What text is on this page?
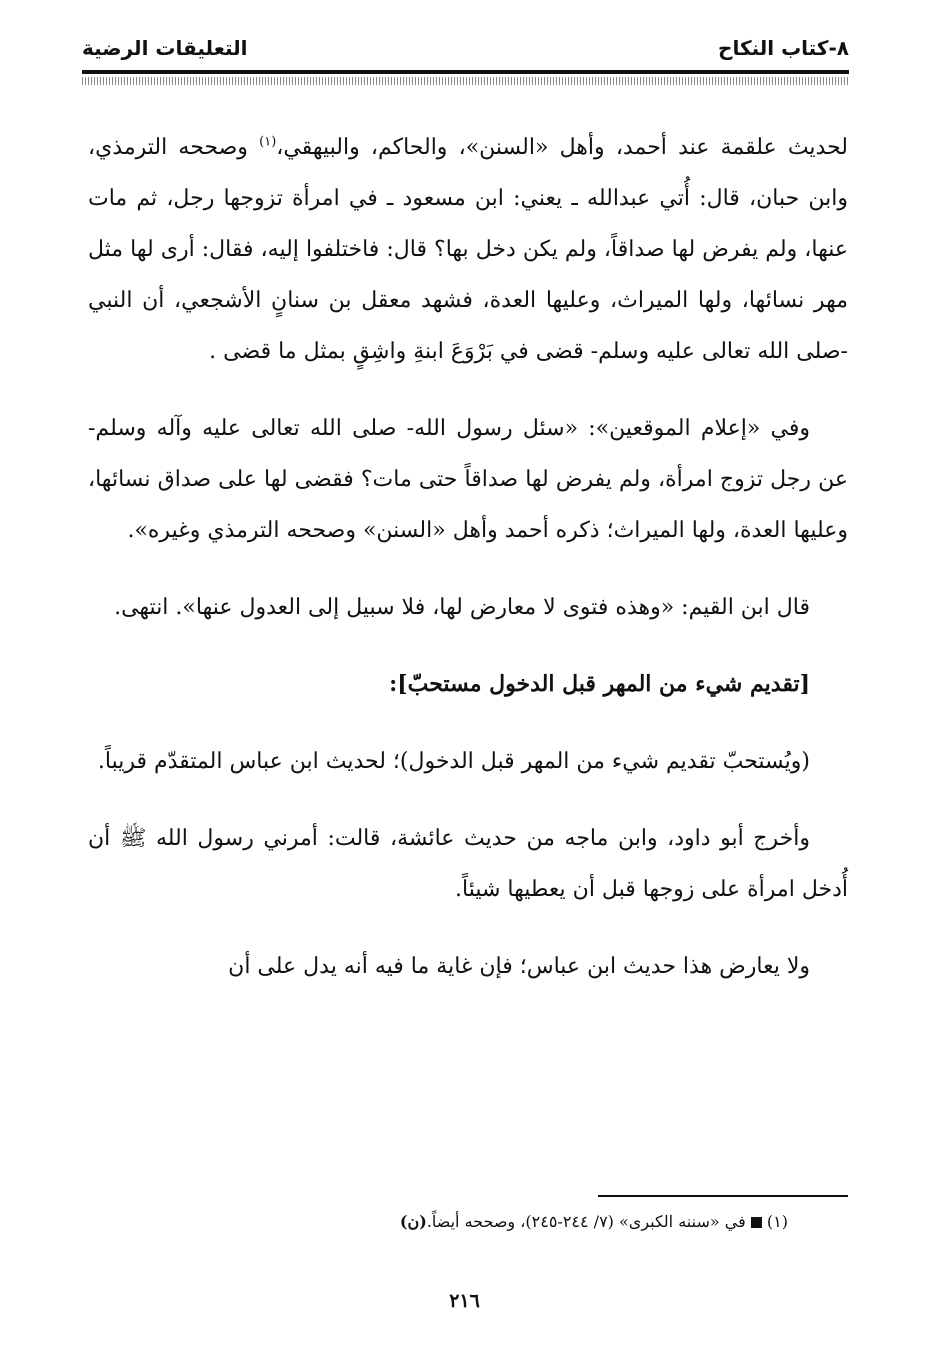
٨-كتاب النكاح
التعليقات الرضية

لحديث علقمة عند أحمد، وأهل «السنن»، والحاكم، والبيهقي،$^{(١)}$ وصححه الترمذي، وابن حبان، قال: أُتي عبدالله ـ يعني: ابن مسعود ـ في امرأة تزوجها رجل، ثم مات عنها، ولم يفرض لها صداقاً، ولم يكن دخل بها؟ قال: فاختلفوا إليه، فقال: أرى لها مثل مهر نسائها، ولها الميراث، وعليها العدة، فشهد معقل بن سنانٍ الأشجعي، أن النبي -صلى الله تعالى عليه وسلم- قضى في بَرْوَعَ ابنةِ واشِقٍ بمثل ما قضى .

وفي «إعلام الموقعين»: «سئل رسول الله- صلى الله تعالى عليه وآله وسلم- عن رجل تزوج امرأة، ولم يفرض لها صداقاً حتى مات؟ فقضى لها على صداق نسائها، وعليها العدة، ولها الميراث؛ ذكره أحمد وأهل «السنن» وصححه الترمذي وغيره».

قال ابن القيم: «وهذه فتوى لا معارض لها، فلا سبيل إلى العدول عنها». انتهى.

[تقديم شيء من المهر قبل الدخول مستحبّ]:

(ويُستحبّ تقديم شيء من المهر قبل الدخول)؛ لحديث ابن عباس المتقدّم قريباً.

وأخرج أبو داود، وابن ماجه من حديث عائشة، قالت: أمرني رسول الله ﷺ أن أُدخل امرأة على زوجها قبل أن يعطيها شيئاً.

ولا يعارض هذا حديث ابن عباس؛ فإن غاية ما فيه أنه يدل على أن

(١)  في «سننه الكبرى» (٧/ ٢٤٤-٢٤٥)، وصححه أيضاً.(ن)
٢١٦
